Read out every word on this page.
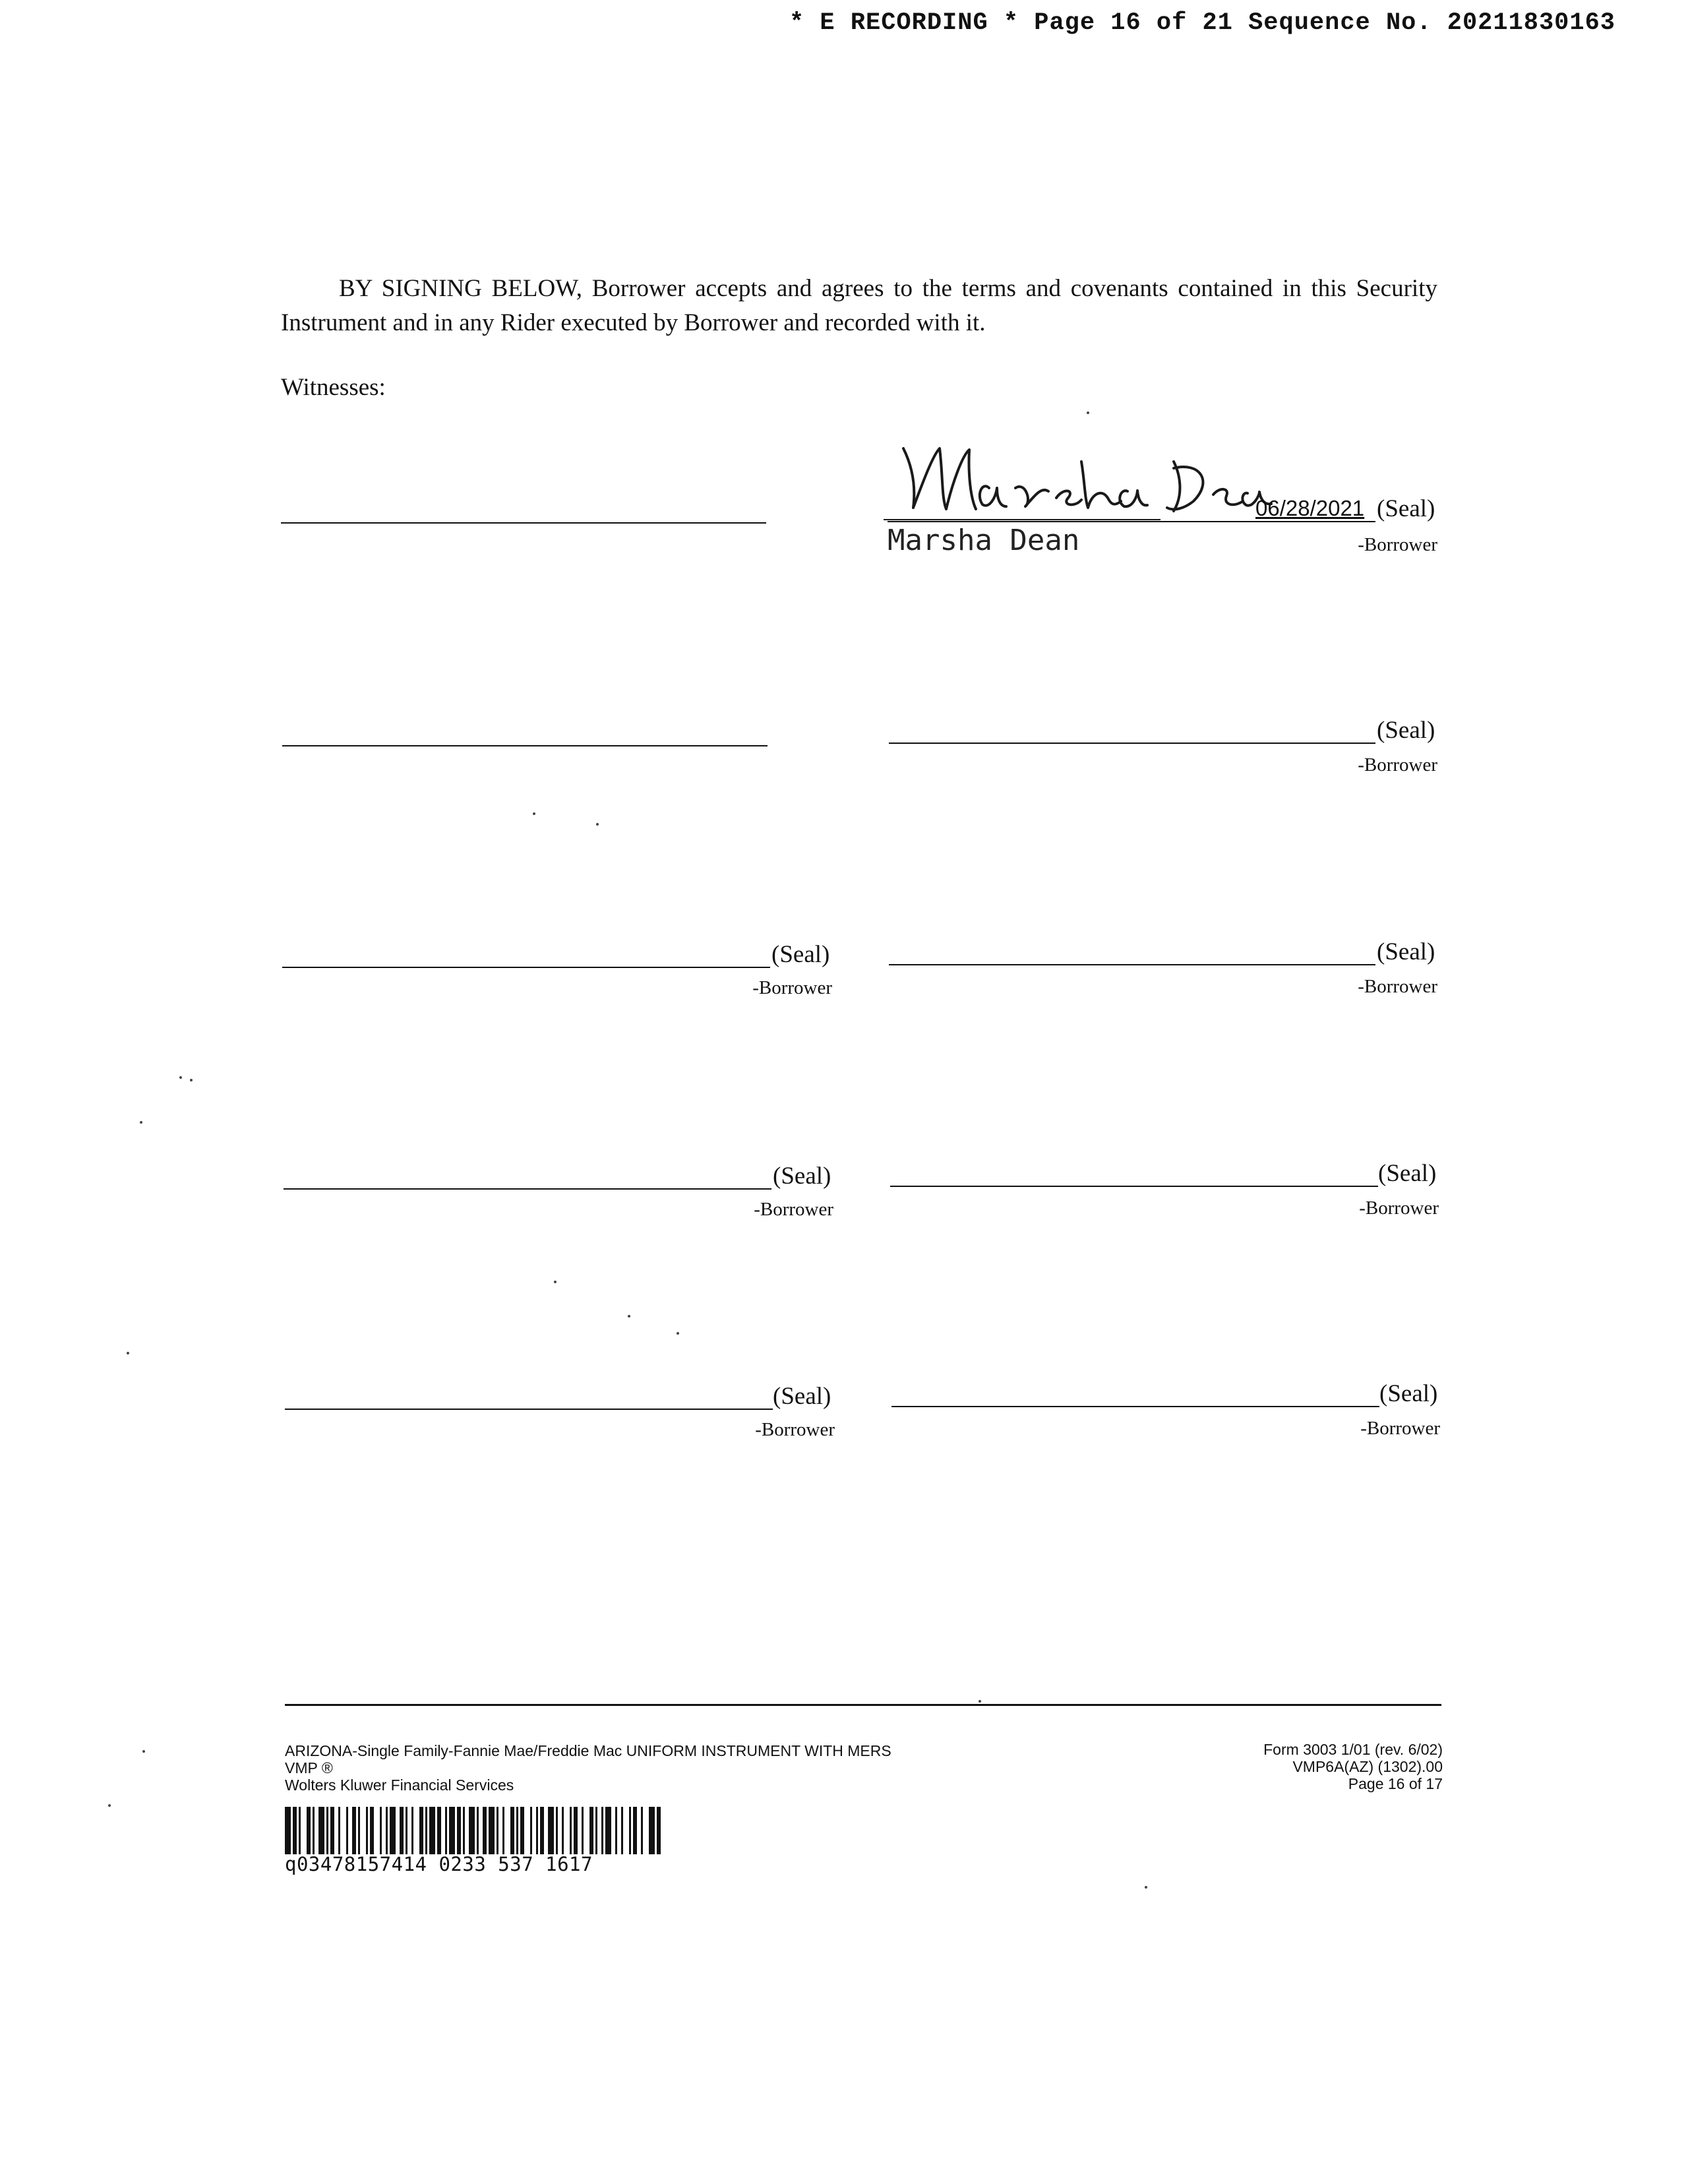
* E RECORDING * Page 16 of 21 Sequence No. 20211830163
BY SIGNING BELOW, Borrower accepts and agrees to the terms and covenants contained in this Security Instrument and in any Rider executed by Borrower and recorded with it.
Witnesses:
06/28/2021 (Seal)
Marsha Dean	-Borrower
(Seal)
-Borrower
(Seal)
-Borrower
(Seal)
-Borrower
(Seal)
-Borrower
(Seal)
-Borrower
(Seal)
-Borrower
(Seal)
-Borrower
ARIZONA-Single Family-Fannie Mae/Freddie Mac UNIFORM INSTRUMENT WITH MERS
VMP ®
Wolters Kluwer Financial Services
Form 3003 1/01 (rev. 6/02)
VMP6A(AZ) (1302).00
Page 16 of 17
q03478157414 0233 537 1617
